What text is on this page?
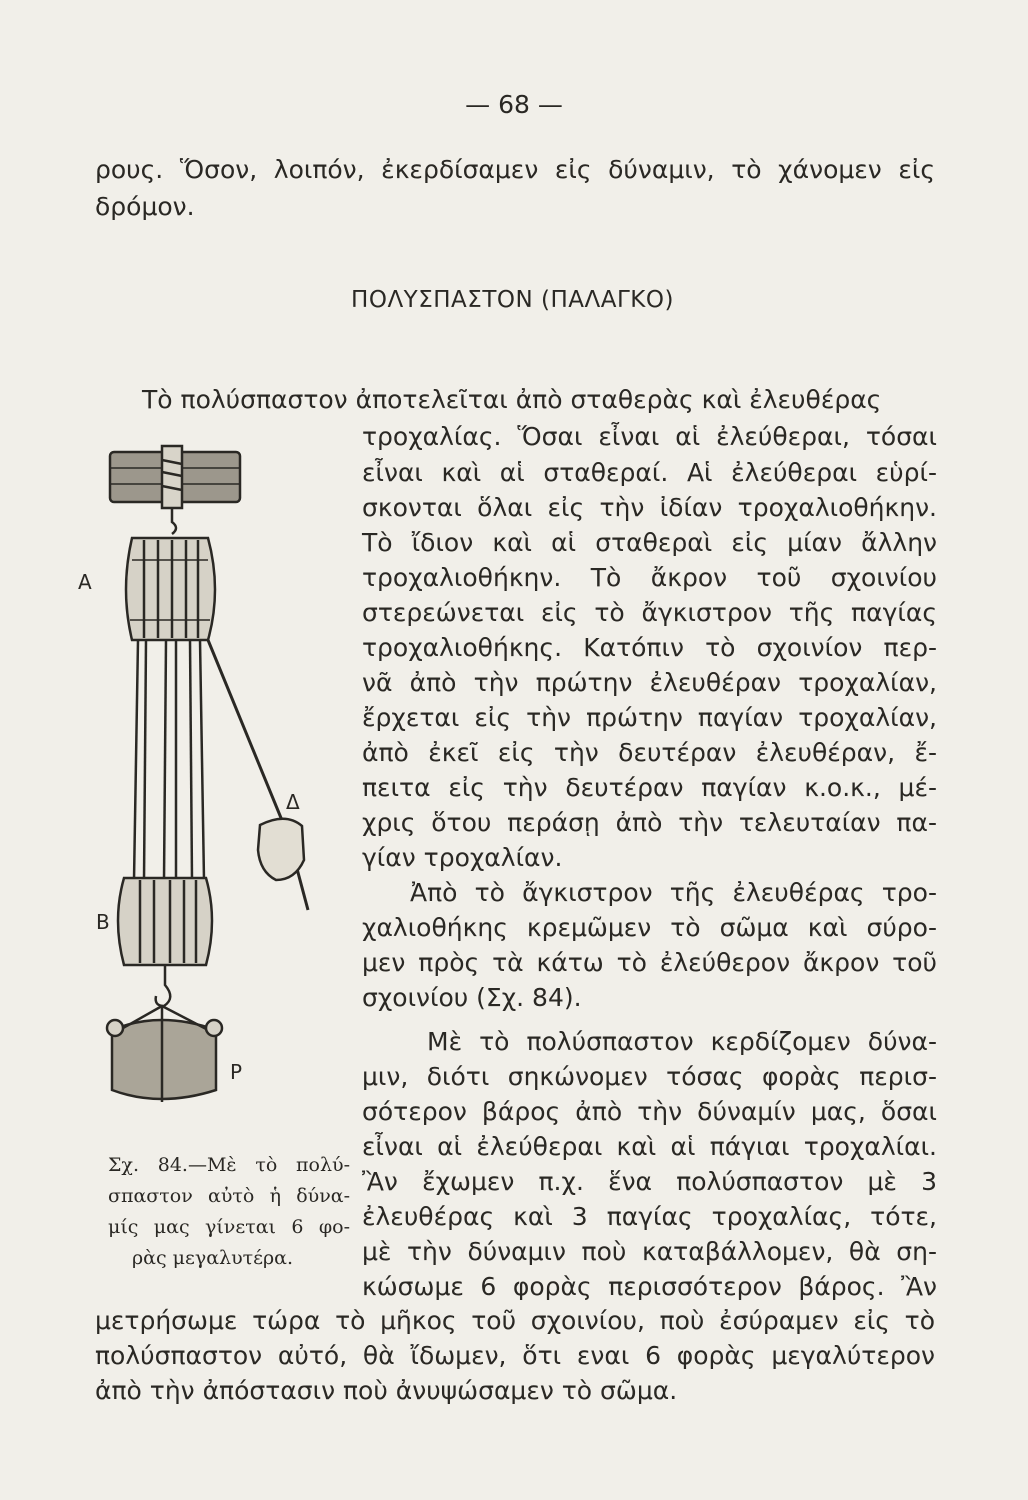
— 68 —
ρους. Ὅσον, λοιπόν, ἐκερδίσαμεν εἰς δύναμιν, τὸ χάνομεν εἰς
δρόμον.
ΠΟΛΥΣΠΑΣΤΟΝ (ΠΑΛΑΓΚΟ)
Τὸ πολύσπαστον ἀποτελεῖται ἀπὸ σταθερὰς καὶ ἐλευθέρας
τροχαλίας. Ὅσαι εἶναι αἱ ἐλεύθεραι, τόσαι
εἶναι καὶ αἱ σταθεραί. Αἱ ἐλεύθεραι εὑρί-
σκονται ὅλαι εἰς τὴν ἰδίαν τροχαλιοθήκην.
Τὸ ἴδιον καὶ αἱ σταθεραὶ εἰς μίαν ἄλλην
τροχαλιοθήκην. Τὸ ἄκρον τοῦ σχοινίου
στερεώνεται εἰς τὸ ἄγκιστρον τῆς παγίας
τροχαλιοθήκης. Κατόπιν τὸ σχοινίον περ-
νᾶ ἀπὸ τὴν πρώτην ἐλευθέραν τροχαλίαν,
ἔρχεται εἰς τὴν πρώτην παγίαν τροχαλίαν,
ἀπὸ ἐκεῖ εἰς τὴν δευτέραν ἐλευθέραν, ἔ-
πειτα εἰς τὴν δευτέραν παγίαν κ.ο.κ., μέ-
χρις ὅτου περάσῃ ἀπὸ τὴν τελευταίαν πα-
γίαν τροχαλίαν.
Ἀπὸ τὸ ἄγκιστρον τῆς ἐλευθέρας τρο-
χαλιοθήκης κρεμῶμεν τὸ σῶμα καὶ σύρο-
μεν πρὸς τὰ κάτω τὸ ἐλεύθερον ἄκρον τοῦ
σχοινίου (Σχ. 84).
Μὲ τὸ πολύσπαστον κερδίζομεν δύνα-
μιν, διότι σηκώνομεν τόσας φορὰς περισ-
σότερον βάρος ἀπὸ τὴν δύναμίν μας, ὅσαι
εἶναι αἱ ἐλεύθεραι καὶ αἱ πάγιαι τροχαλίαι.
Ἂν ἔχωμεν π.χ. ἕνα πολύσπαστον μὲ 3
ἐλευθέρας καὶ 3 παγίας τροχαλίας, τότε,
μὲ τὴν δύναμιν ποὺ καταβάλλομεν, θὰ ση-
κώσωμε 6 φορὰς περισσότερον βάρος. Ἂν
μετρήσωμε τώρα τὸ μῆκος τοῦ σχοινίου, ποὺ ἐσύραμεν εἰς τὸ
πολύσπαστον αὐτό, θὰ ἴδωμεν, ὅτι εναι 6 φορὰς μεγαλύτερον
ἀπὸ τὴν ἀπόστασιν ποὺ ἀνυψώσαμεν τὸ σῶμα.
A
B
Δ
P
Σχ. 84.—Μὲ τὸ πολύ-
σπαστον αὐτὸ ἡ δύνα-
μίς μας γίνεται 6 φο-
ρὰς μεγαλυτέρα.
